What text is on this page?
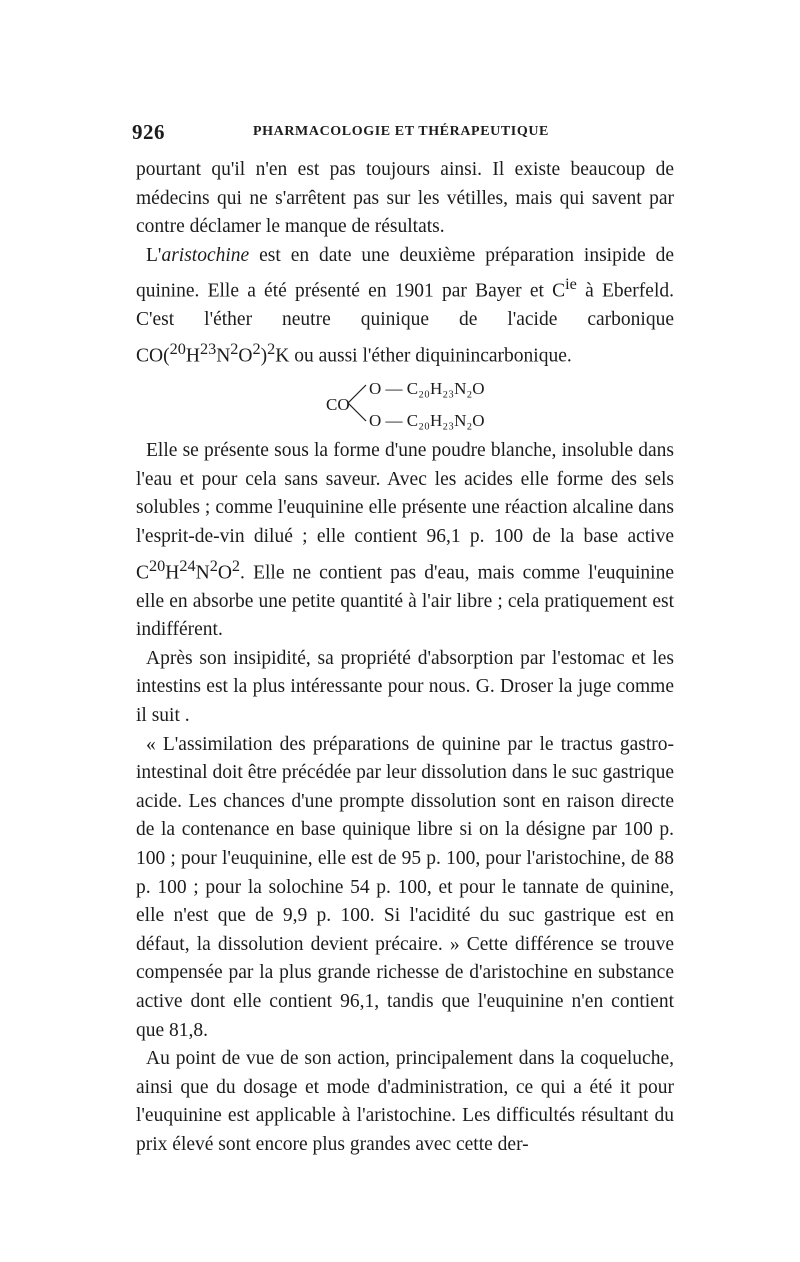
926	PHARMACOLOGIE ET THÉRAPEUTIQUE

pourtant qu'il n'en est pas toujours ainsi. Il existe beaucoup de médecins qui ne s'arrêtent pas sur les vétilles, mais qui savent par contre déclamer le manque de résultats.

L'aristochine est en date une deuxième préparation insipide de quinine. Elle a été présenté en 1901 par Bayer et $C^{ie}$ à Eberfeld. C'est l'éther neutre quinique de l'acide carbonique $CO(^{20}H^{23}N^2O^2)^2K$ ou aussi l'éther diquinincarbonique.

CO
O — C₂₀H₂₃N₂O
O — C₂₀H₂₃N₂O

Elle se présente sous la forme d'une poudre blanche, insoluble dans l'eau et pour cela sans saveur. Avec les acides elle forme des sels solubles ; comme l'euquinine elle présente une réaction alcaline dans l'esprit-de-vin dilué ; elle contient 96,1 p. 100 de la base active $C^{20}H^{24}N^2O^2$. Elle ne contient pas d'eau, mais comme l'euquinine elle en absorbe une petite quantité à l'air libre ; cela pratiquement est indifférent.

Après son insipidité, sa propriété d'absorption par l'estomac et les intestins est la plus intéressante pour nous. G. Droser la juge comme il suit .

« L'assimilation des préparations de quinine par le tractus gastro-intestinal doit être précédée par leur dissolution dans le suc gastrique acide. Les chances d'une prompte dissolution sont en raison directe de la contenance en base quinique libre si on la désigne par 100 p. 100 ; pour l'euquinine, elle est de 95 p. 100, pour l'aristochine, de 88 p. 100 ; pour la solochine 54 p. 100, et pour le tannate de quinine, elle n'est que de 9,9 p. 100. Si l'acidité du suc gastrique est en défaut, la dissolution devient précaire. » Cette différence se trouve compensée par la plus grande richesse de d'aristochine en substance active dont elle contient 96,1, tandis que l'euquinine n'en contient que 81,8.

Au point de vue de son action, principalement dans la coqueluche, ainsi que du dosage et mode d'administration, ce qui a été it pour l'euquinine est applicable à l'aristochine. Les difficultés résultant du prix élevé sont encore plus grandes avec cette der-
